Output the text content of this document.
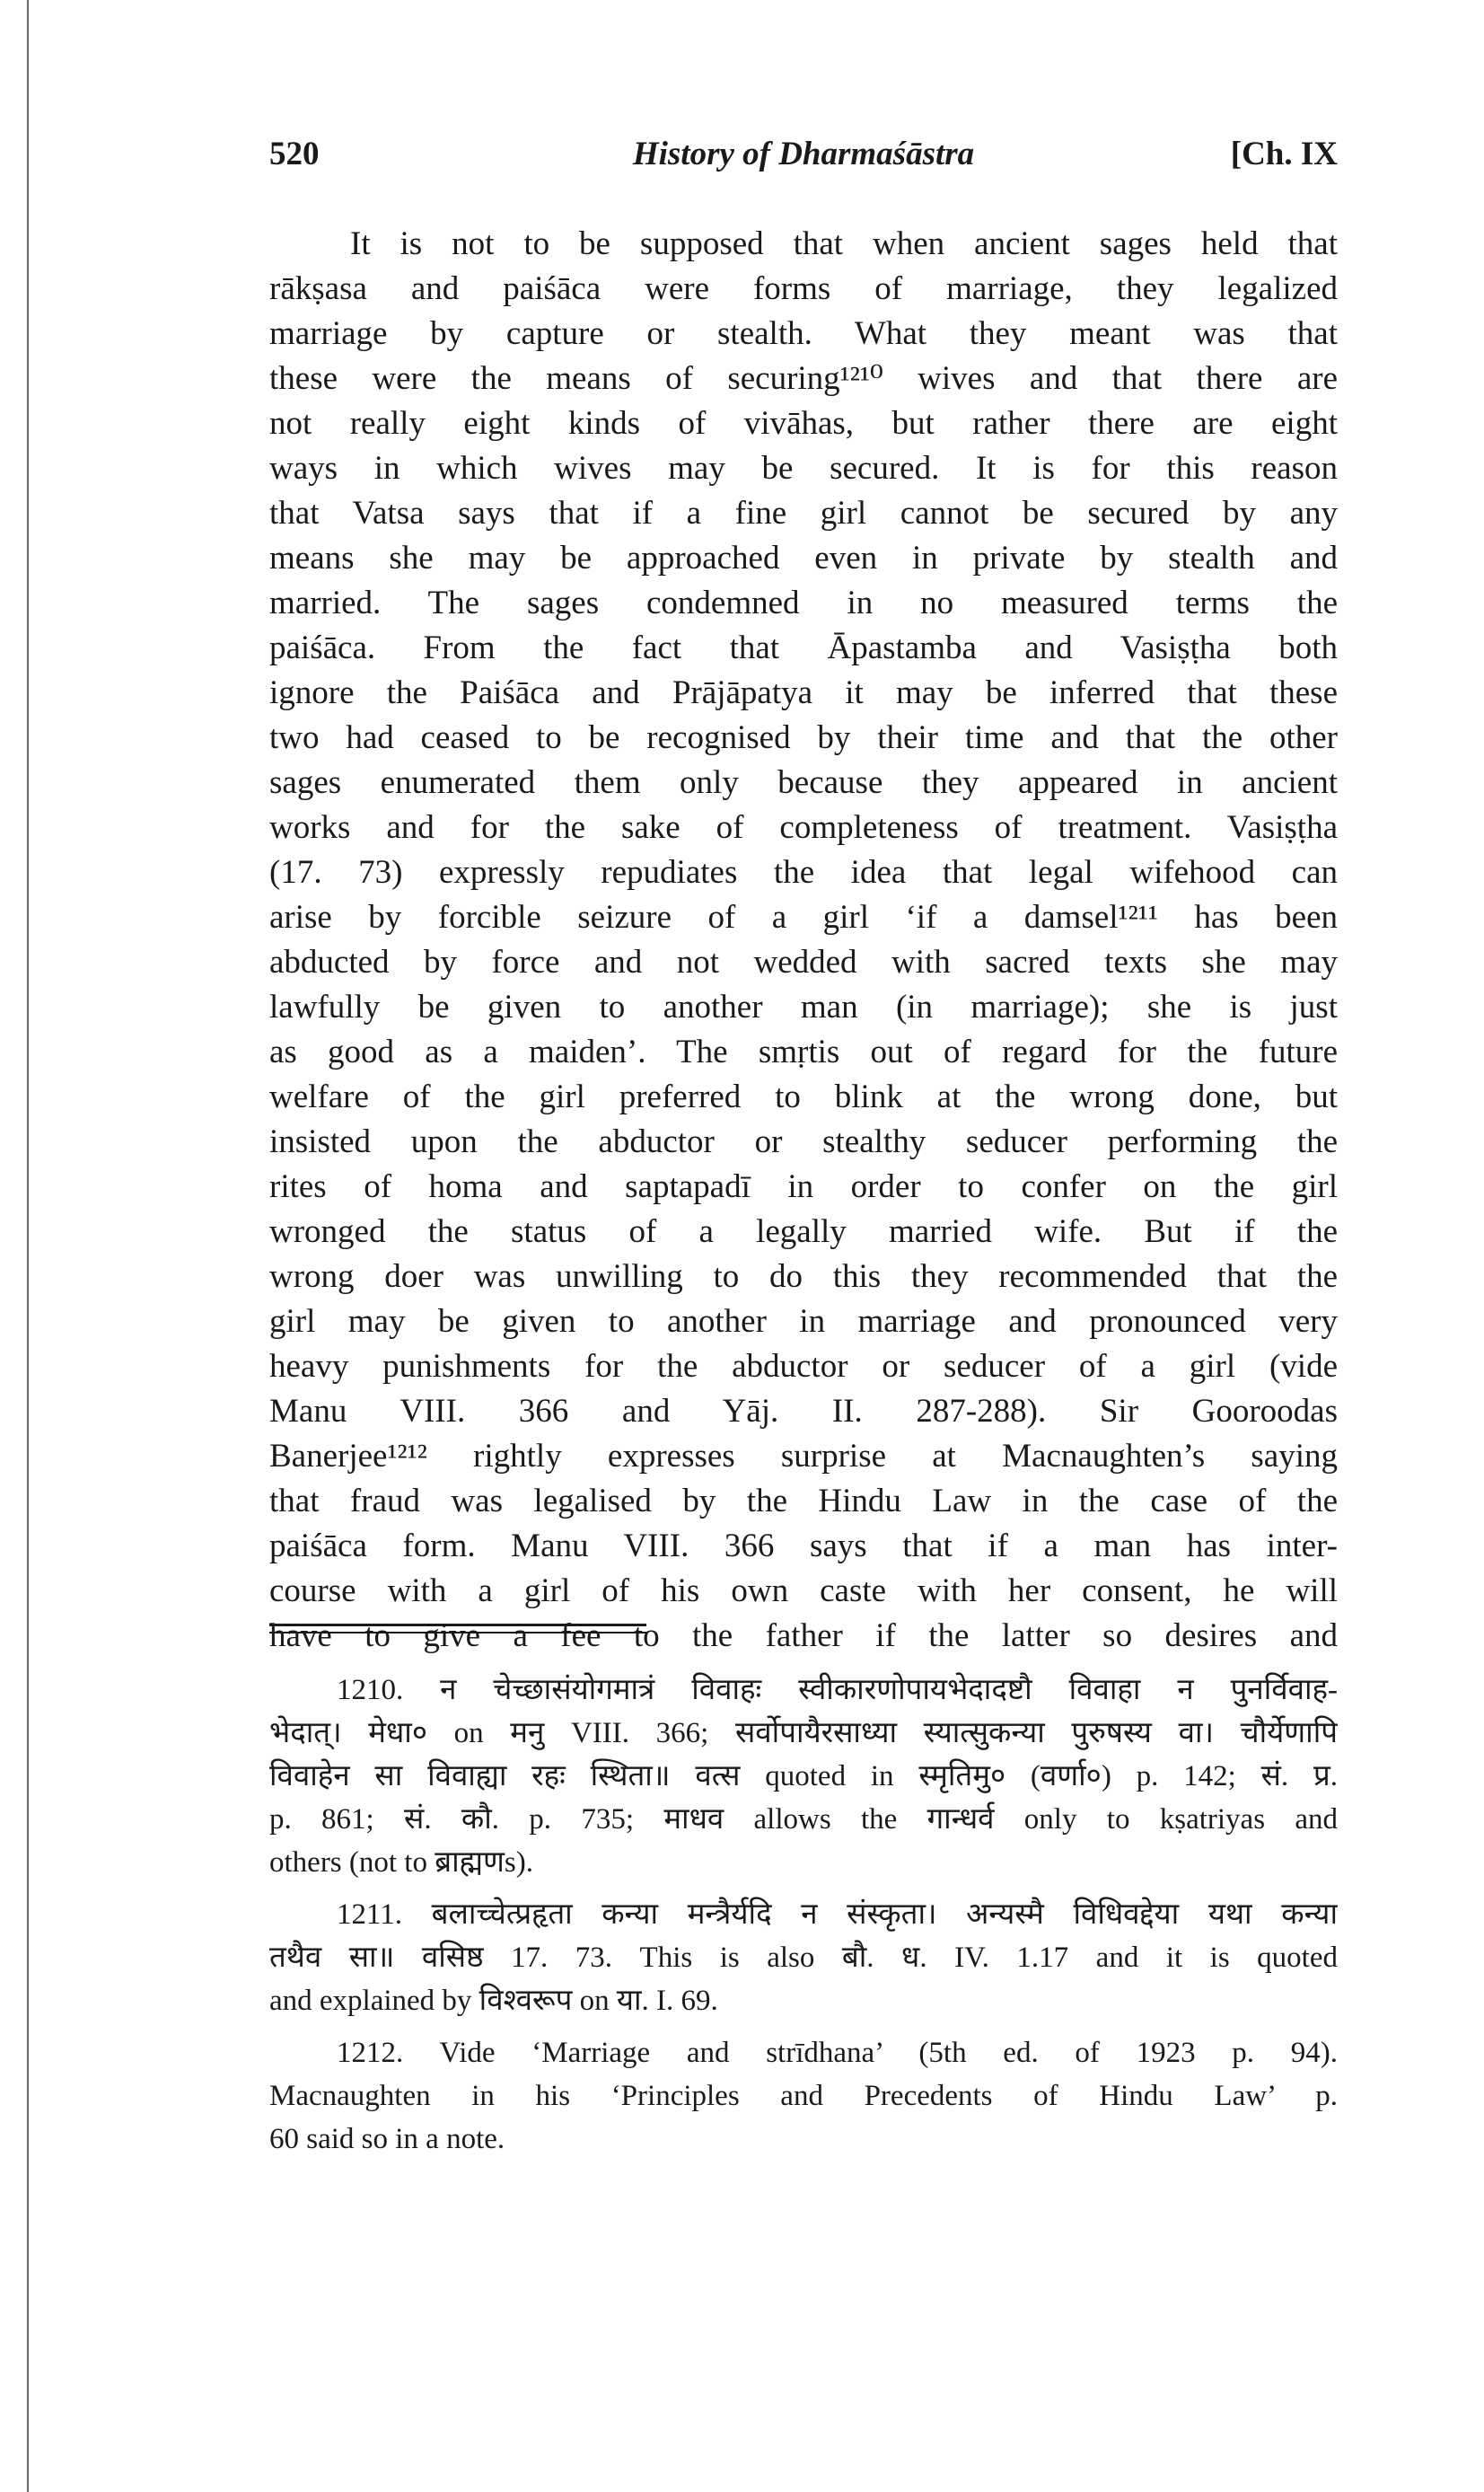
520	History of Dharmaśāstra	[Ch. IX
It is not to be supposed that when ancient sages held that
rākṣasa and paiśāca were forms of marriage, they legalized
marriage by capture or stealth. What they meant was that
these were the means of securing¹²¹⁰ wives and that there are
not really eight kinds of vivāhas, but rather there are eight
ways in which wives may be secured. It is for this reason
that Vatsa says that if a fine girl cannot be secured by any
means she may be approached even in private by stealth and
married. The sages condemned in no measured terms the
paiśāca. From the fact that Āpastamba and Vasiṣṭha both
ignore the Paiśāca and Prājāpatya it may be inferred that these
two had ceased to be recognised by their time and that the other
sages enumerated them only because they appeared in ancient
works and for the sake of completeness of treatment. Vasiṣṭha
(17. 73) expressly repudiates the idea that legal wifehood can
arise by forcible seizure of a girl ‘if a damsel¹²¹¹ has been
abducted by force and not wedded with sacred texts she may
lawfully be given to another man (in marriage); she is just
as good as a maiden’. The smṛtis out of regard for the future
welfare of the girl preferred to blink at the wrong done, but
insisted upon the abductor or stealthy seducer performing the
rites of homa and saptapadī in order to confer on the girl
wronged the status of a legally married wife. But if the
wrong doer was unwilling to do this they recommended that the
girl may be given to another in marriage and pronounced very
heavy punishments for the abductor or seducer of a girl (vide
Manu VIII. 366 and Yāj. II. 287-288). Sir Gooroodas
Banerjee¹²¹² rightly expresses surprise at Macnaughten’s saying
that fraud was legalised by the Hindu Law in the case of the
paiśāca form. Manu VIII. 366 says that if a man has inter-
course with a girl of his own caste with her consent, he will
have to give a fee to the father if the latter so desires and
1210. न चेच्छासंयोगमात्रं विवाहः स्वीकारणोपायभेदादष्टौ विवाहा न पुनर्विवाह-
भेदात्। मेधा० on मनु VIII. 366; सर्वोपायैरसाध्या स्यात्सुकन्या पुरुषस्य वा। चौर्येणापि
विवाहेन सा विवाह्या रहः स्थिता॥ वत्स quoted in स्मृतिमु० (वर्णा०) p. 142; सं. प्र.
p. 861; सं. कौ. p. 735; माधव allows the गान्धर्व only to kṣatriyas and
others (not to ब्राह्मणs).
1211. बलाच्चेत्प्रहृता कन्या मन्त्रैर्यदि न संस्कृता। अन्यस्मै विधिवद्देया यथा कन्या
तथैव सा॥ वसिष्ठ 17. 73. This is also बौ. ध. IV. 1.17 and it is quoted
and explained by विश्वरूप on या. I. 69.
1212. Vide ‘Marriage and strīdhana’ (5th ed. of 1923 p. 94).
Macnaughten in his ‘Principles and Precedents of Hindu Law’ p.
60 said so in a note.
